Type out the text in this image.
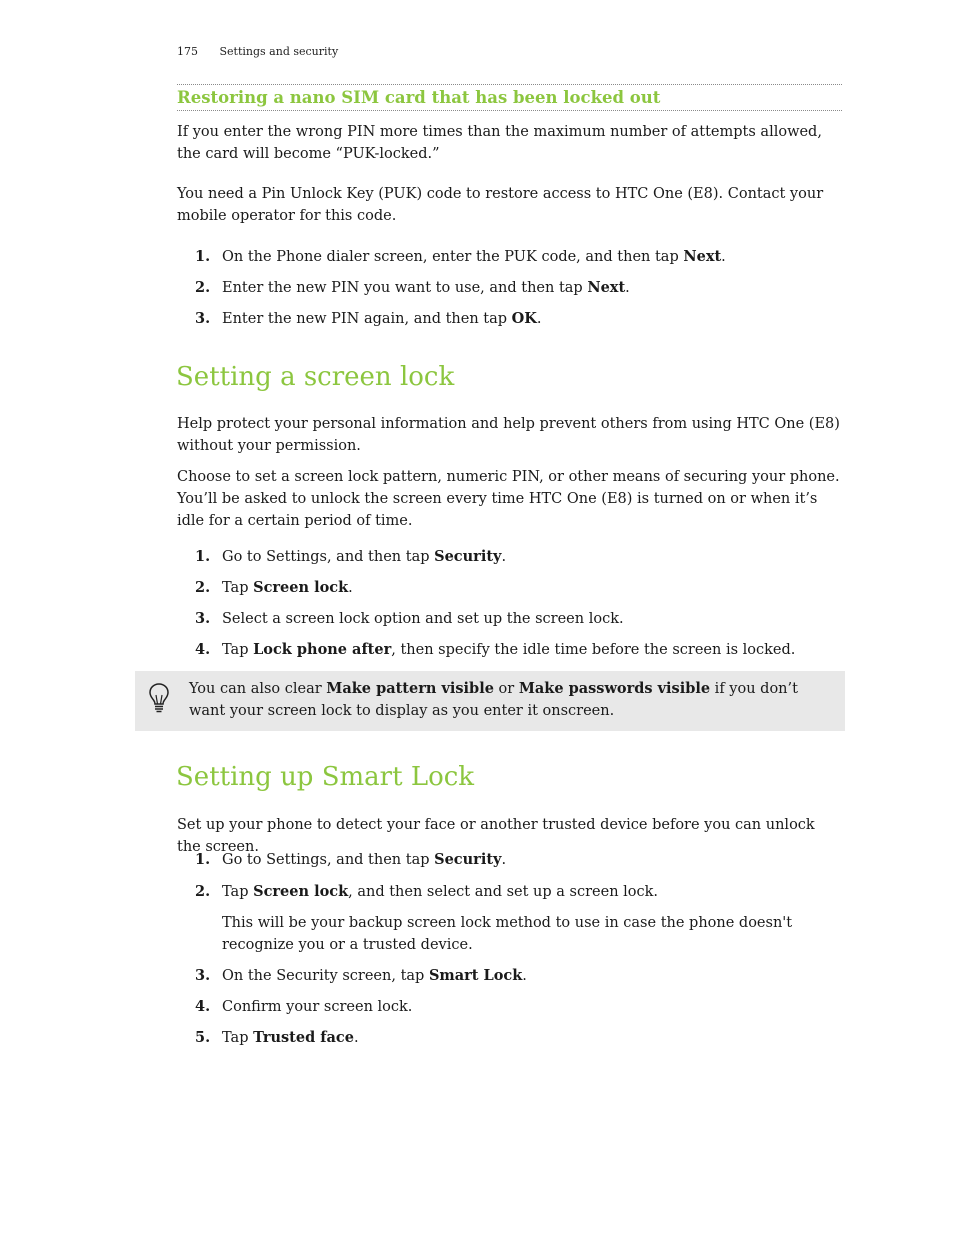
175 Settings and security
Restoring a nano SIM card that has been locked out

If you enter the wrong PIN more times than the maximum number of attempts allowed, the card will become “PUK-locked.”

You need a Pin Unlock Key (PUK) code to restore access to HTC One (E8). Contact your mobile operator for this code.

1. On the Phone dialer screen, enter the PUK code, and then tap Next.
2. Enter the new PIN you want to use, and then tap Next.
3. Enter the new PIN again, and then tap OK.
Setting a screen lock

Help protect your personal information and help prevent others from using HTC One (E8) without your permission.

Choose to set a screen lock pattern, numeric PIN, or other means of securing your phone. You’ll be asked to unlock the screen every time HTC One (E8) is turned on or when it’s idle for a certain period of time.

1. Go to Settings, and then tap Security.
2. Tap Screen lock.
3. Select a screen lock option and set up the screen lock.
4. Tap Lock phone after, then specify the idle time before the screen is locked.
You can also clear Make pattern visible or Make passwords visible if you don’t want your screen lock to display as you enter it onscreen.
Setting up Smart Lock

Set up your phone to detect your face or another trusted device before you can unlock the screen.

1. Go to Settings, and then tap Security.
2. Tap Screen lock, and then select and set up a screen lock.
This will be your backup screen lock method to use in case the phone doesn't recognize you or a trusted device.
3. On the Security screen, tap Smart Lock.
4. Confirm your screen lock.
5. Tap Trusted face.
